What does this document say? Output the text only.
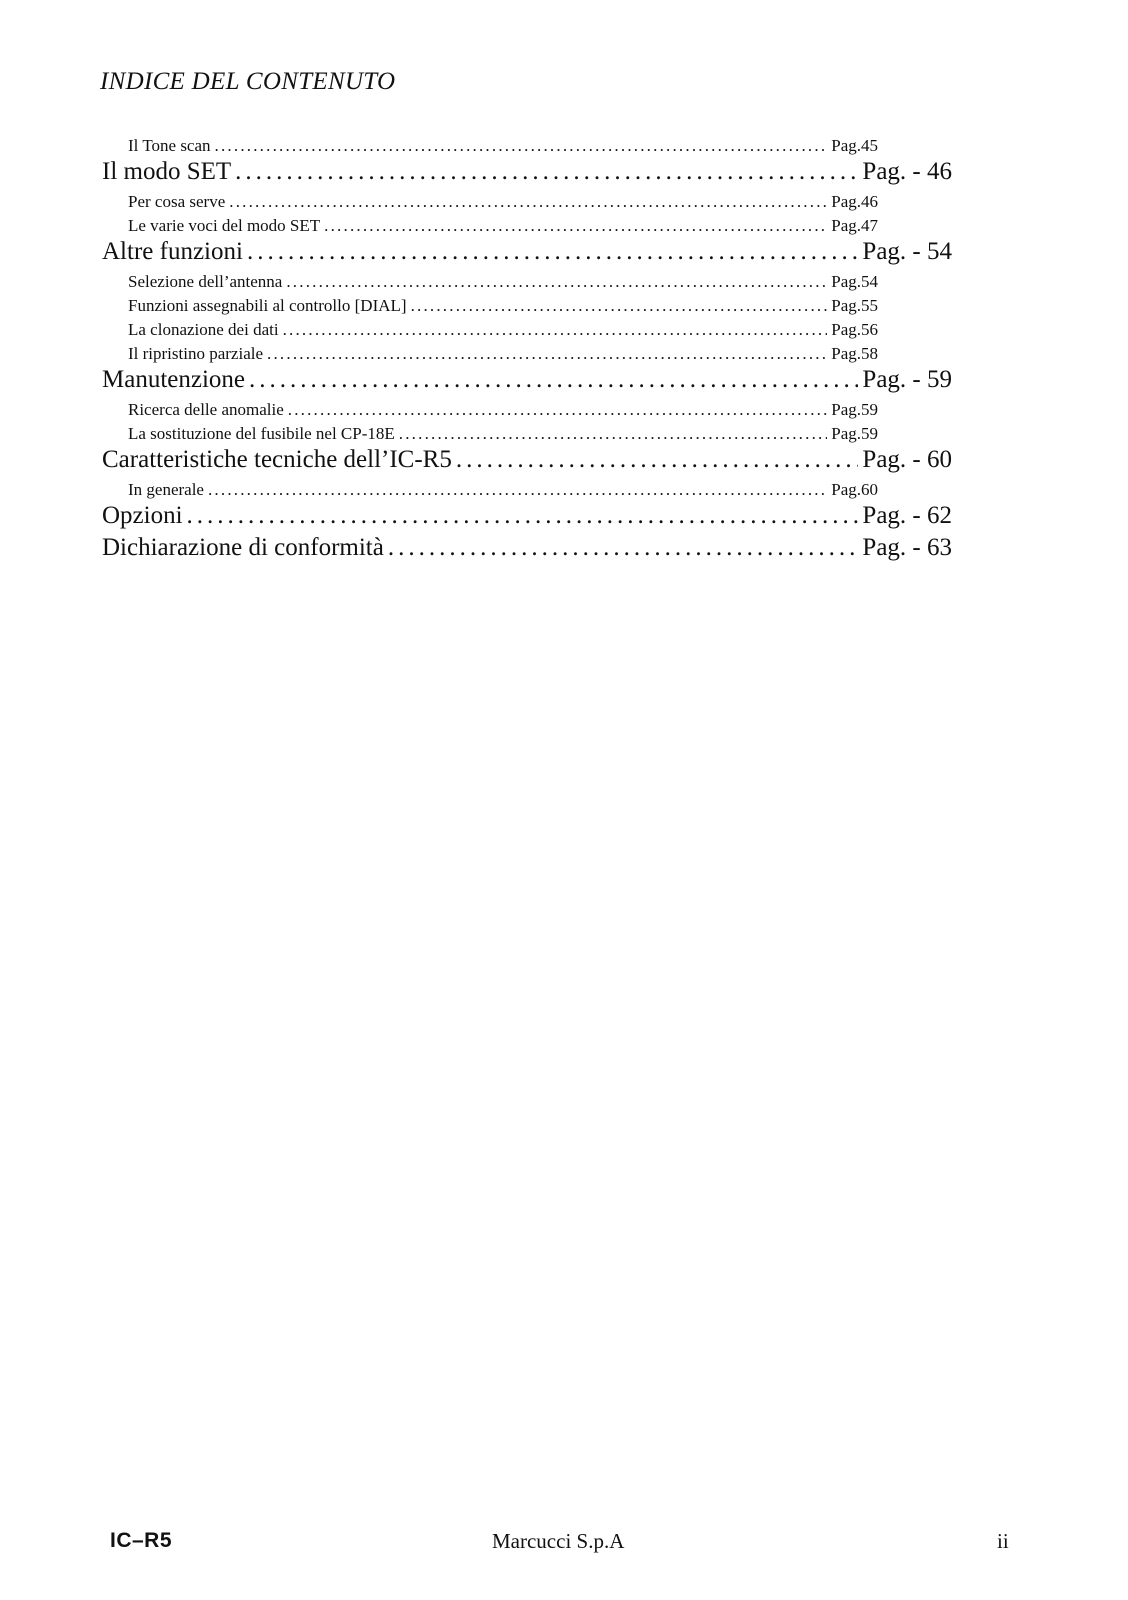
INDICE DEL CONTENUTO
Il Tone scan .....	Pag.45
Il modo SET .....	Pag. - 46
Per cosa serve .....	Pag.46
Le varie voci del modo SET .....	Pag.47
Altre funzioni .....	Pag. - 54
Selezione dell’antenna .....	Pag.54
Funzioni assegnabili al controllo [DIAL] .....	Pag.55
La clonazione dei dati .....	Pag.56
Il ripristino parziale .....	Pag.58
Manutenzione .....	Pag. - 59
Ricerca delle anomalie .....	Pag.59
La sostituzione del fusibile nel CP-18E .....	Pag.59
Caratteristiche tecniche dell’IC-R5 .....	Pag. - 60
In generale .....	Pag.60
Opzioni .....	Pag. - 62
Dichiarazione di conformità .....	Pag. - 63
IC–R5	Marcucci S.p.A	ii
